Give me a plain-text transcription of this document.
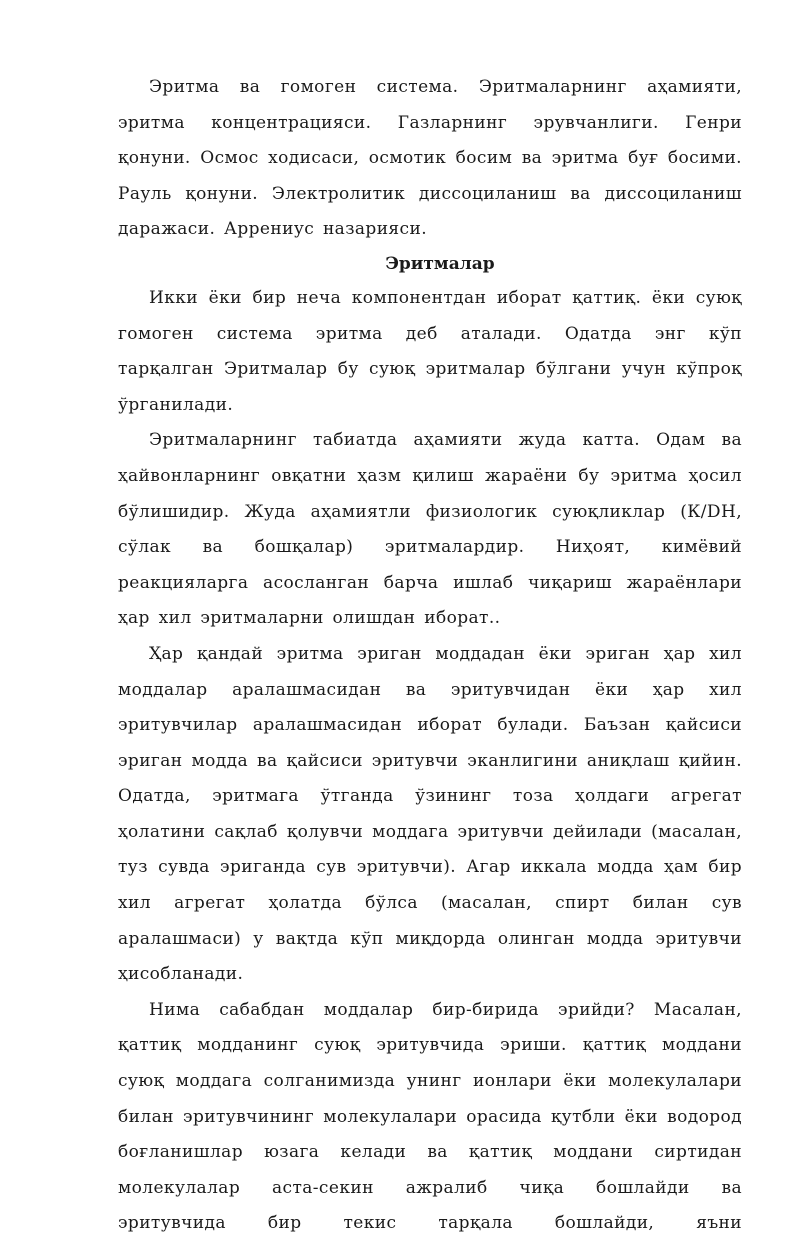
Эритма ва гомоген система. Эритмаларнинг аҳамияти, эритма концентрацияси. Газларнинг эрувчанлиги. Генри қонуни. Осмос ходисаси, осмотик босим ва эритма буғ босими. Рауль қонуни. Электролитик диссоциланиш ва диссоциланиш даражаси. Аррениус назарияси.

Эритмалар

Икки ёки бир неча компонентдан иборат қаттиқ. ёки суюқ гомоген система эритма деб аталади. Одатда энг кўп тарқалган Эритмалар бу суюқ эритмалар бўлгани учун кўпроқ ўрганилади.

Эритмаларнинг табиатда аҳамияти жуда катта. Одам ва ҳайвонларнинг овқатни ҳазм қилиш жараёни бу эритма ҳосил бўлишидир. Жуда аҳамиятли физиологик суюқликлар (К/DН, сўлак ва бошқалар) эритмалардир. Ниҳоят, кимёвий реакцияларга асосланган барча ишлаб чиқариш жараёнлари ҳар хил эритмаларни олишдан иборат..

Ҳар қандай эритма эриган моддадан ёки эриган ҳар хил моддалар аралашмасидан ва эритувчидан ёки ҳар хил эритувчилар аралашмасидан иборат булади. Баъзан қайсиси эриган модда ва қайсиси эритувчи эканлигини аниқлаш қийин. Одатда, эритмага ўтганда ўзининг тоза ҳолдаги агрегат ҳолатини сақлаб қолувчи моддага эритувчи дейилади (масалан, туз сувда эриганда сув эритувчи). Агар иккала модда ҳам бир хил агрегат ҳолатда бўлса (масалан, спирт билан сув аралашмаси) у вақтда кўп миқдорда олинган модда эритувчи ҳисобланади.

Нима сабабдан моддалар бир-бирида эрийди? Масалан, қаттиқ модданинг суюқ эритувчида эриши. қаттиқ моддани суюқ моддага солганимизда унинг ионлари ёки молекулалари билан эритувчининг молекулалари орасида қутбли ёки водород боғланишлар юзага келади ва қаттиқ моддани сиртидан молекулалар аста-секин ажралиб чиқа бошлайди ва эритувчида бир текис тарқала бошлайди, яъни
